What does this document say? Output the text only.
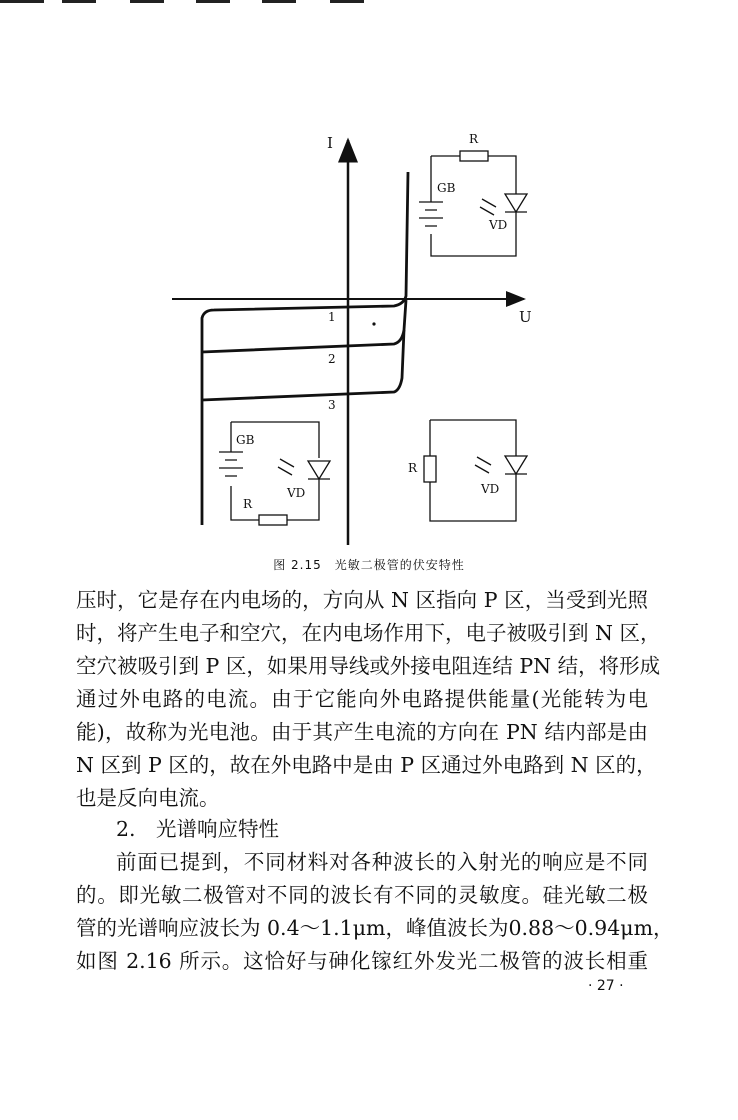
I
U
1
2
3
R
GB
VD
GB
VD
R
R
VD
图 2.15　光敏二极管的伏安特性
压时，它是存在内电场的，方向从 N 区指向 P 区，当受到光照
时，将产生电子和空穴，在内电场作用下，电子被吸引到 N 区，
空穴被吸引到 P 区，如果用导线或外接电阻连结 PN 结，将形成
通过外电路的电流。由于它能向外电路提供能量(光能转为电
能)，故称为光电池。由于其产生电流的方向在 PN 结内部是由
N 区到 P 区的，故在外电路中是由 P 区通过外电路到 N 区的，
也是反向电流。
2.　光谱响应特性
前面已提到，不同材料对各种波长的入射光的响应是不同
的。即光敏二极管对不同的波长有不同的灵敏度。硅光敏二极
管的光谱响应波长为 0.4～1.1μm，峰值波长为0.88～0.94μm，
如图 2.16 所示。这恰好与砷化镓红外发光二极管的波长相重
· 27 ·
